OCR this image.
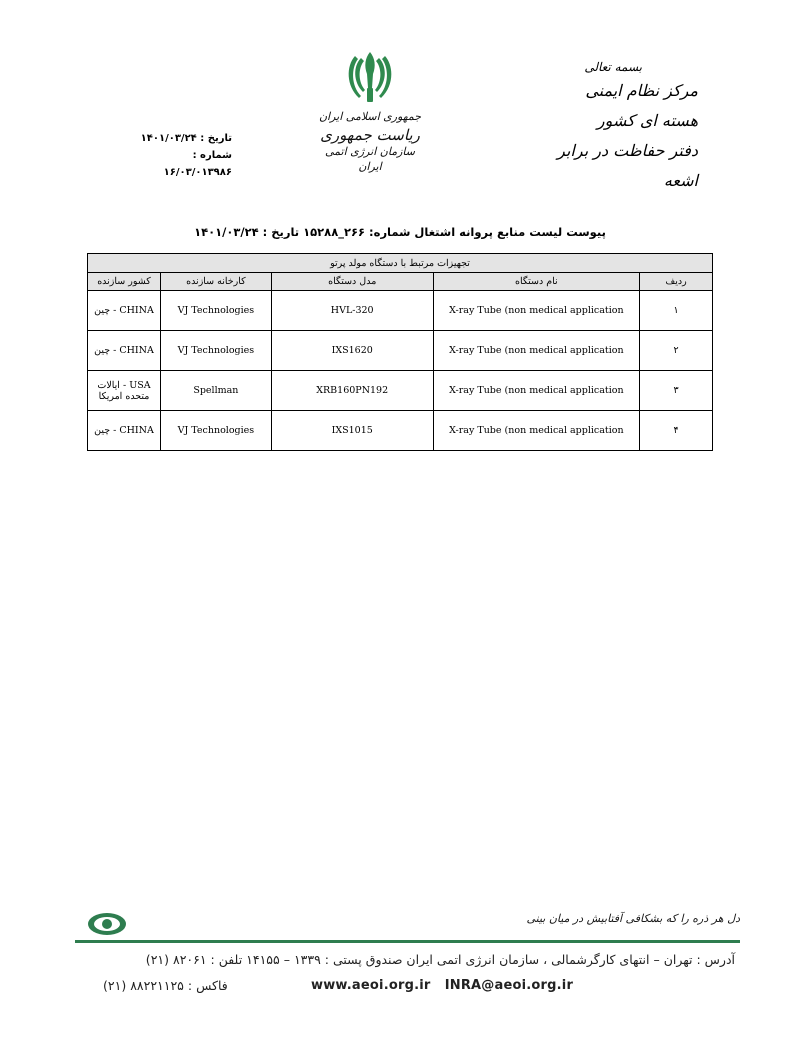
تاریخ : ۱۴۰۱/۰۳/۲۴
شماره : ۱۶/۰۳/۰۱۳۹۸۶

جمهوری اسلامی ایران

ریاست جمهوری

سازمان انرژی اتمی ایران

بسمه تعالی
مرکز نظام ایمنی هسته ای کشور
دفتر حفاظت در برابر اشعه
پیوست لیست منابع پروانه اشتغال شماره: ۲۶۶_۱۵۲۸۸ تاریخ : ۱۴۰۱/۰۳/۲۴
تجهیزات مرتبط با دستگاه مولد پرتو				
ردیف	نام دستگاه	مدل دستگاه	کارخانه سازنده	کشور سازنده
۱	X-ray Tube (non medical application	HVL-320	VJ Technologies	CHINA - چین
۲	X-ray Tube (non medical application	IXS1620	VJ Technologies	CHINA - چین
۳	X-ray Tube (non medical application	XRB160PN192	Spellman	USA - ایالات متحده امریکا
۴	X-ray Tube (non medical application	IXS1015	VJ Technologies	CHINA - چین
دل هر ذره را که بشکافی آفتابیش در میان بینی
آدرس : تهران – انتهای کارگرشمالی ، سازمان انرژی اتمی ایران صندوق پستی : ۱۳۳۹ – ۱۴۱۵۵ تلفن : ۸۲۰۶۱ (۲۱)
فاکس : ۸۸۲۲۱۱۲۵ (۲۱)	www.aeoi.org.ir INRA@aeoi.org.ir
